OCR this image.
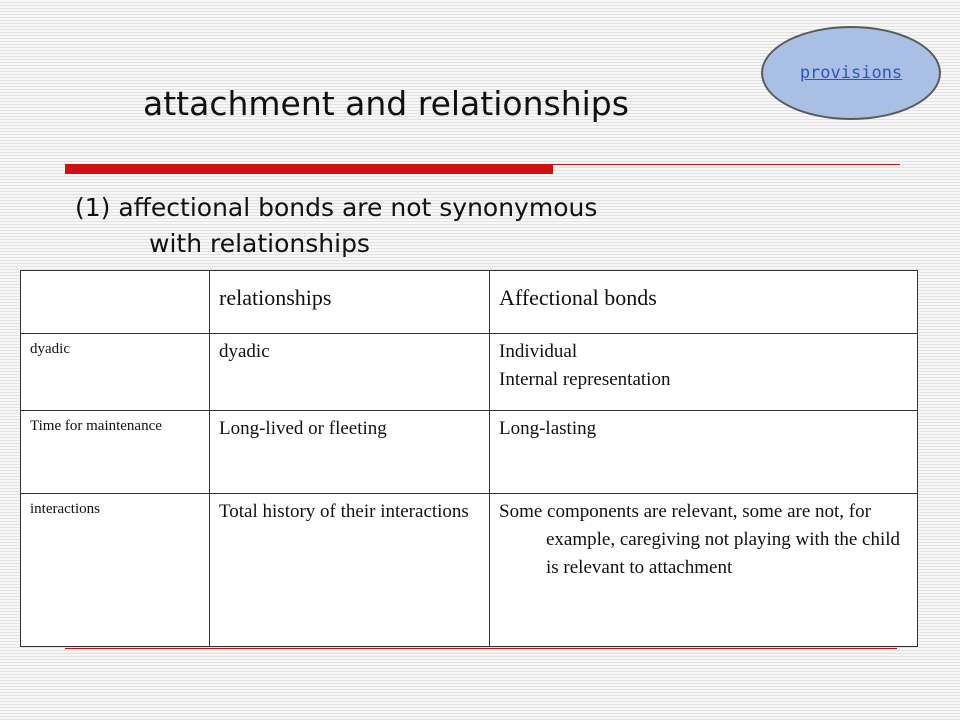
attachment and relationships
provisions
(1) affectional bonds are not synonymous
with relationships
	relationships	Affectional bonds
dyadic	dyadic	Individual
Internal representation
Time for maintenance	Long-lived or fleeting	Long-lasting
interactions	Total history of their interactions	Some components are relevant, some are not, for example, caregiving not playing with the child is relevant to attachment
